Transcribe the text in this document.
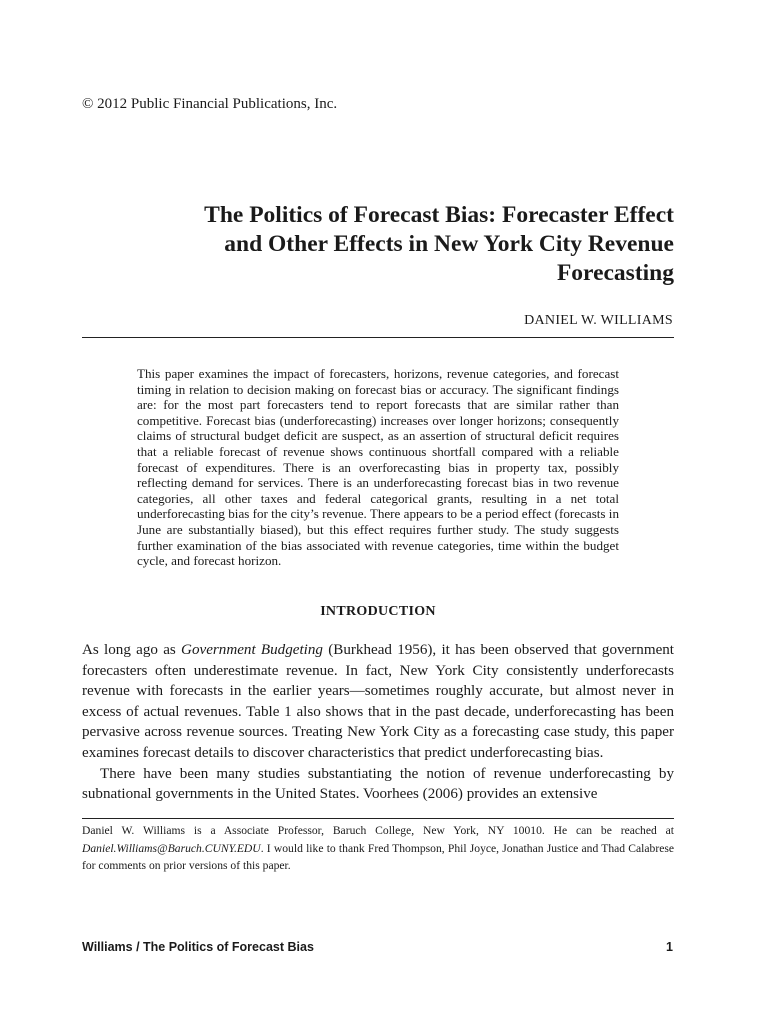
© 2012 Public Financial Publications, Inc.
The Politics of Forecast Bias: Forecaster Effect
and Other Effects in New York City Revenue
Forecasting
DANIEL W. WILLIAMS

This paper examines the impact of forecasters, horizons, revenue categories, and forecast timing in relation to decision making on forecast bias or accuracy. The significant findings are: for the most part forecasters tend to report forecasts that are similar rather than competitive. Forecast bias (underforecasting) increases over longer horizons; consequently claims of structural budget deficit are suspect, as an assertion of structural deficit requires that a reliable forecast of revenue shows continuous shortfall compared with a reliable forecast of expenditures. There is an overforecasting bias in property tax, possibly reflecting demand for services. There is an underforecasting forecast bias in two revenue categories, all other taxes and federal categorical grants, resulting in a net total underforecasting bias for the city’s revenue. There appears to be a period effect (forecasts in June are substantially biased), but this effect requires further study. The study suggests further examination of the bias associated with revenue categories, time within the budget cycle, and forecast horizon.

INTRODUCTION

As long ago as Government Budgeting (Burkhead 1956), it has been observed that government forecasters often underestimate revenue. In fact, New York City consistently underforecasts revenue with forecasts in the earlier years—sometimes roughly accurate, but almost never in excess of actual revenues. Table 1 also shows that in the past decade, underforecasting has been pervasive across revenue sources. Treating New York City as a forecasting case study, this paper examines forecast details to discover characteristics that predict underforecasting bias.

There have been many studies substantiating the notion of revenue underforecasting by subnational governments in the United States. Voorhees (2006) provides an extensive

Daniel W. Williams is a Associate Professor, Baruch College, New York, NY 10010. He can be reached at Daniel.Williams@Baruch.CUNY.EDU. I would like to thank Fred Thompson, Phil Joyce, Jonathan Justice and Thad Calabrese for comments on prior versions of this paper.

Williams / The Politics of Forecast Bias	1
